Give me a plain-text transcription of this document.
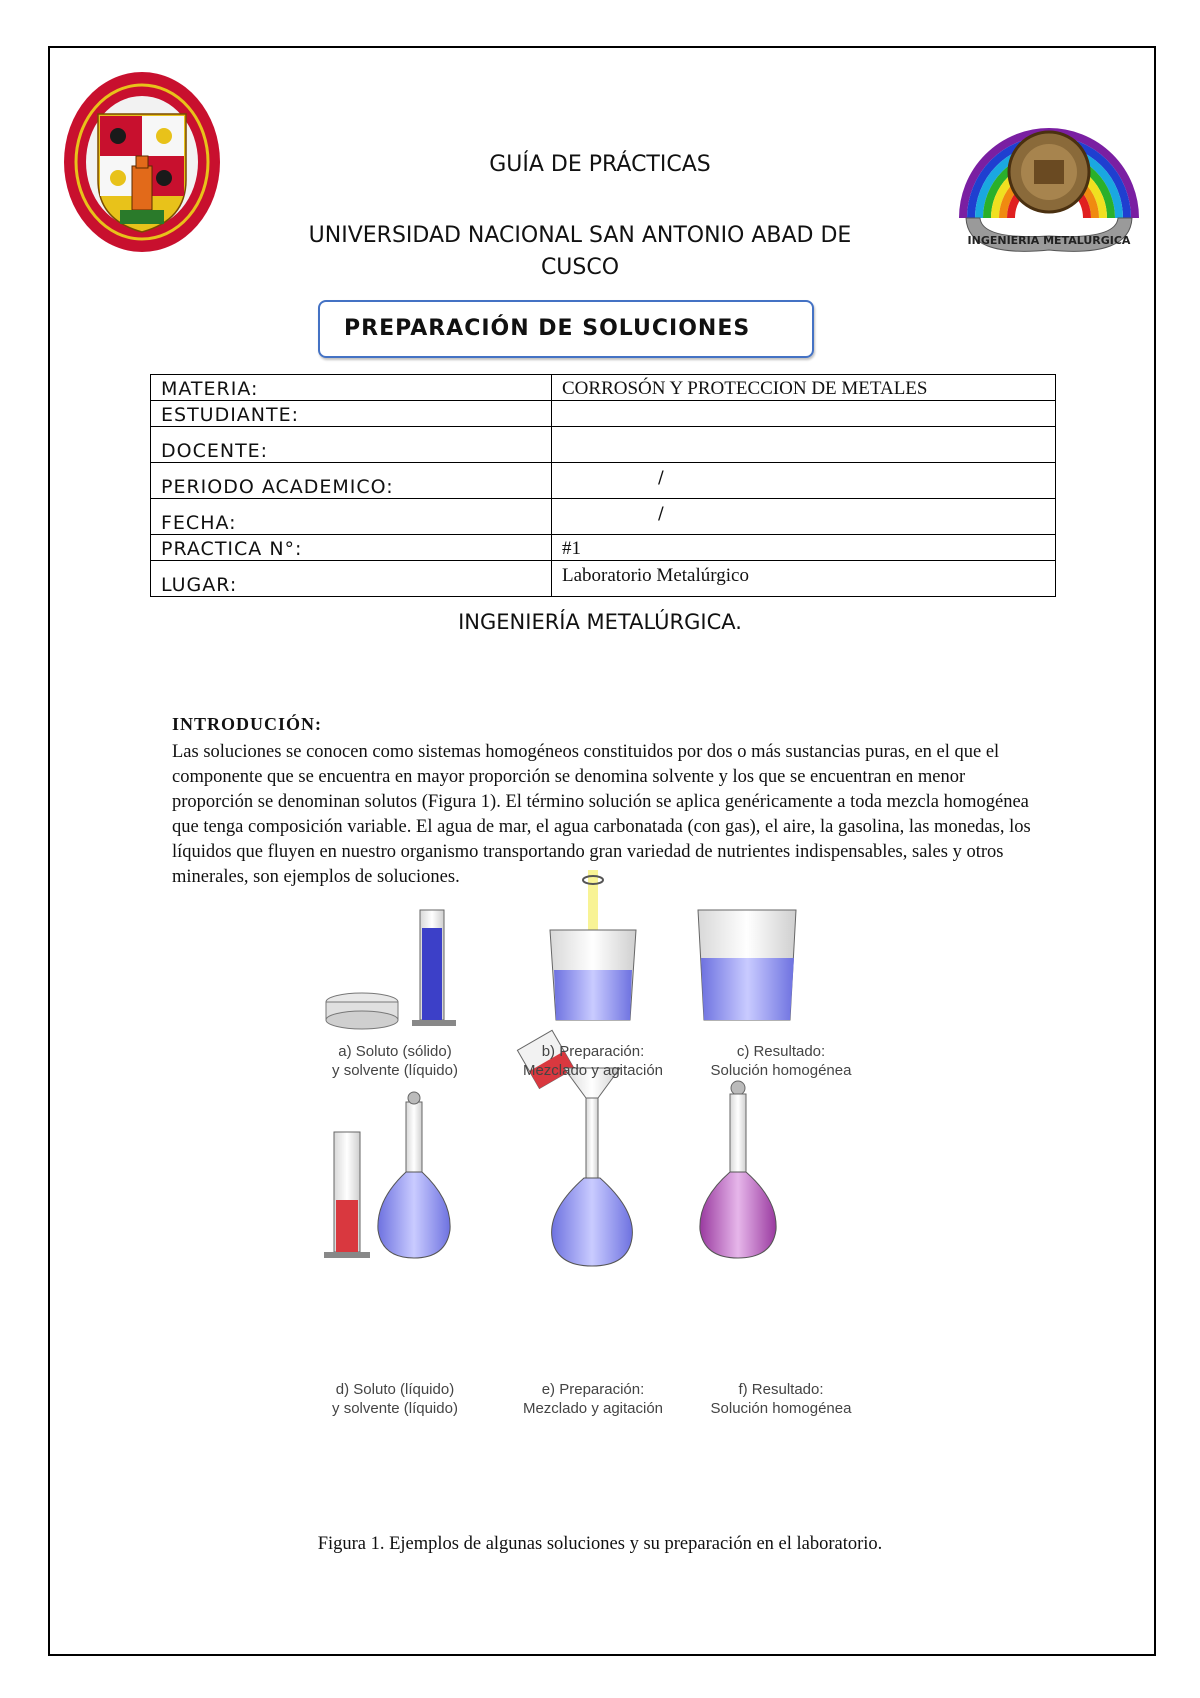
INGENIERIA METALURGICA
GUÍA DE PRÁCTICAS
UNIVERSIDAD NACIONAL SAN ANTONIO ABAD DE
CUSCO
PREPARACIÓN DE SOLUCIONES
MATERIA:	CORROSÓN Y PROTECCION DE METALES
ESTUDIANTE:	
DOCENTE:	
PERIODO ACADEMICO:	/
FECHA:	/
PRACTICA N°:	#1
LUGAR:	Laboratorio Metalúrgico
INGENIERÍA METALÚRGICA.
INTRODUCIÓN:
Las soluciones se conocen como sistemas homogéneos constituidos por dos o más sustancias puras, en el que el componente que se encuentra en mayor proporción se denomina solvente y los que se encuentran en menor proporción se denominan solutos (Figura 1). El término solución se aplica genéricamente a toda mezcla homogénea que tenga composición variable. El agua de mar, el agua carbonatada (con gas), el aire, la gasolina, las monedas, los líquidos que fluyen en nuestro organismo transportando gran variedad de nutrientes indispensables, sales y otros minerales, son ejemplos de soluciones.
a) Soluto (sólido)
y solvente (líquido)
b) Preparación:
Mezclado y agitación
c) Resultado:
Solución homogénea
d) Soluto (líquido)
y solvente (líquido)
e) Preparación:
Mezclado y agitación
f) Resultado:
Solución homogénea
Figura 1. Ejemplos de algunas soluciones y su preparación en el laboratorio.
